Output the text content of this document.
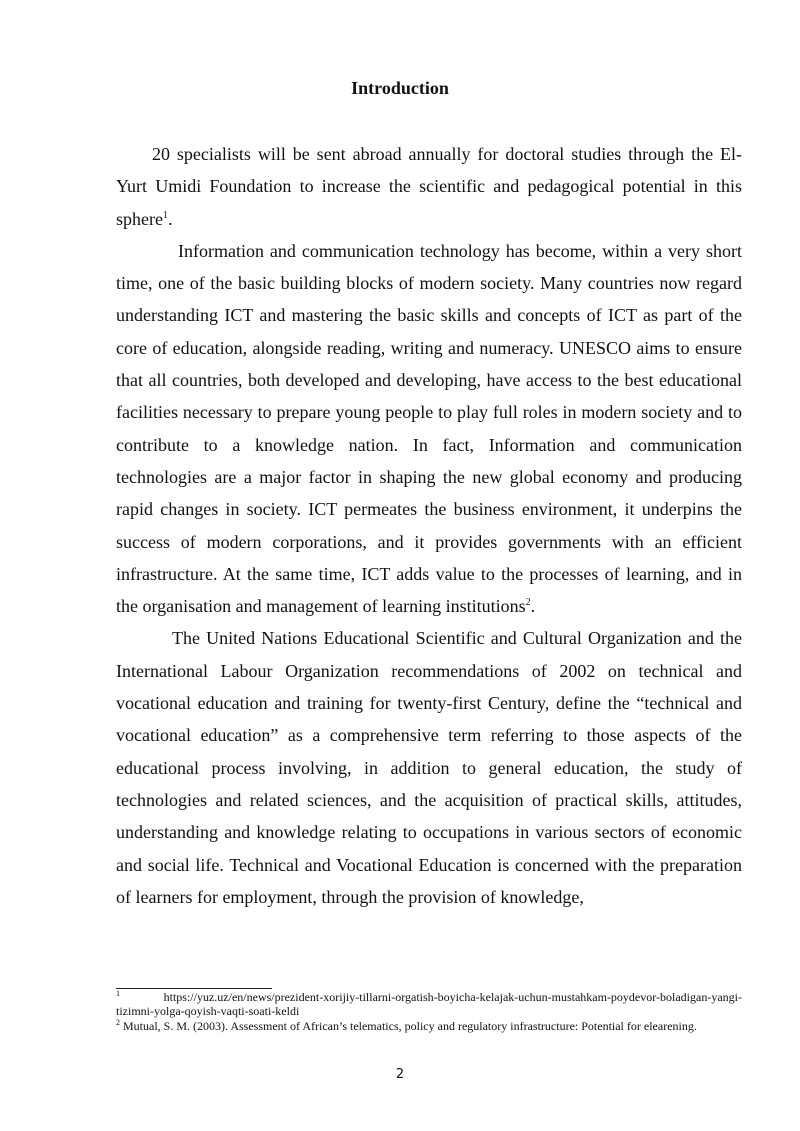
Introduction

20 specialists will be sent abroad annually for doctoral studies through the El-Yurt Umidi Foundation to increase the scientific and pedagogical potential in this sphere$^1$.

Information and communication technology has become, within a very short time, one of the basic building blocks of modern society. Many countries now regard understanding ICT and mastering the basic skills and concepts of ICT as part of the core of education, alongside reading, writing and numeracy. UNESCO aims to ensure that all countries, both developed and developing, have access to the best educational facilities necessary to prepare young people to play full roles in modern society and to contribute to a knowledge nation. In fact, Information and communication technologies are a major factor in shaping the new global economy and producing rapid changes in society. ICT permeates the business environment, it underpins the success of modern corporations, and it provides governments with an efficient infrastructure. At the same time, ICT adds value to the processes of learning, and in the organisation and management of learning institutions$^2$.

The United Nations Educational Scientific and Cultural Organization and the International Labour Organization recommendations of 2002 on technical and vocational education and training for twenty-first Century, define the “technical and vocational education” as a comprehensive term referring to those aspects of the educational process involving, in addition to general education, the study of technologies and related sciences, and the acquisition of practical skills, attitudes, understanding and knowledge relating to occupations in various sectors of economic and social life. Technical and Vocational Education is concerned with the preparation of learners for employment, through the provision of knowledge,

$^1$	https://yuz.uz/en/news/prezident-xorijiy-tillarni-orgatish-boyicha-kelajak-uchun-mustahkam-poydevor-boladigan-yangi-tizimni-yolga-qoyish-vaqti-soati-keldi

$^2$ Mutual, S. M. (2003). Assessment of African’s telematics, policy and regulatory infrastructure: Potential for elearening.

2
